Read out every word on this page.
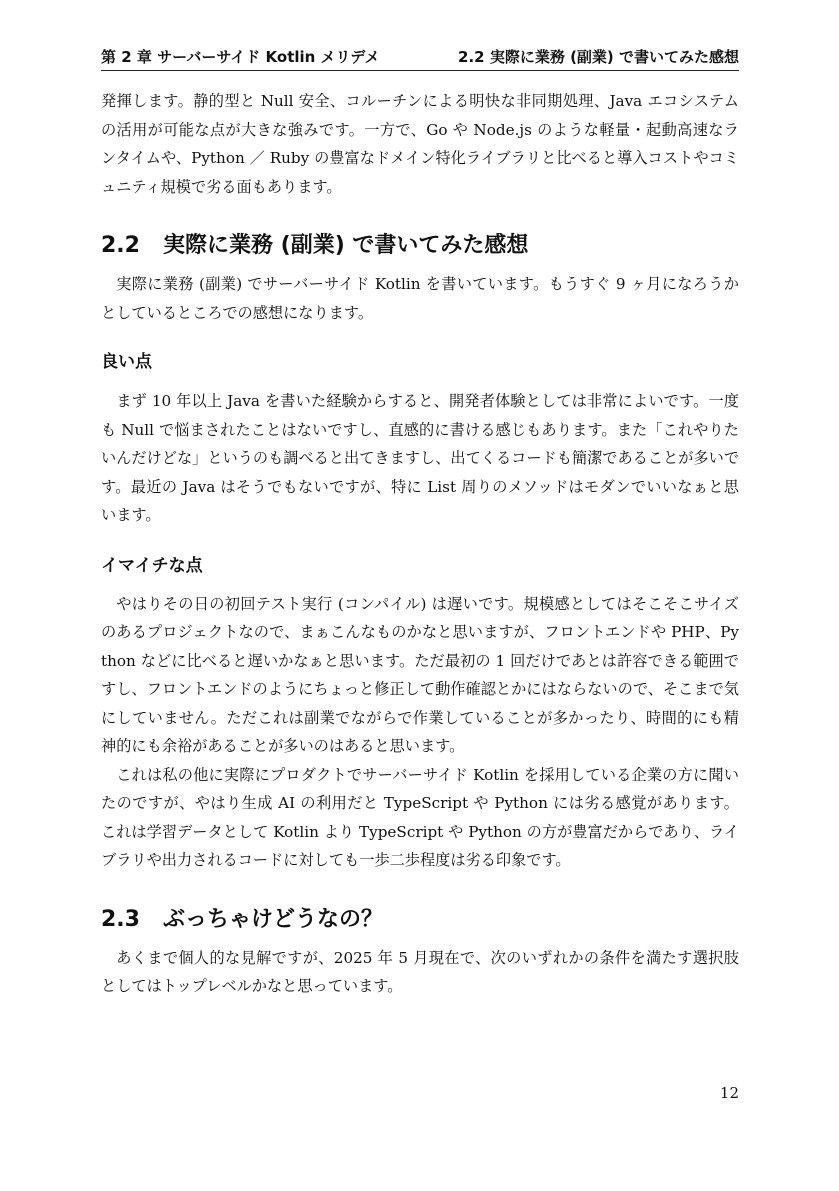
第 2 章 サーバーサイド Kotlin メリデメ	2.2 実際に業務 (副業) で書いてみた感想

発揮します。静的型と Null 安全、コルーチンによる明快な非同期処理、Java エコシステムの活用が可能な点が大きな強みです。一方で、Go や Node.js のような軽量・起動高速なランタイムや、Python ／ Ruby の豊富なドメイン特化ライブラリと比べると導入コストやコミュニティ規模で劣る面もあります。

2.2 実際に業務 (副業) で書いてみた感想

実際に業務 (副業) でサーバーサイド Kotlin を書いています。もうすぐ 9 ヶ月になろうかとしているところでの感想になります。

良い点

まず 10 年以上 Java を書いた経験からすると、開発者体験としては非常によいです。一度も Null で悩まされたことはないですし、直感的に書ける感じもあります。また「これやりたいんだけどな」というのも調べると出てきますし、出てくるコードも簡潔であることが多いです。最近の Java はそうでもないですが、特に List 周りのメソッドはモダンでいいなぁと思います。

イマイチな点

やはりその日の初回テスト実行 (コンパイル) は遅いです。規模感としてはそこそこサイズのあるプロジェクトなので、まぁこんなものかなと思いますが、フロントエンドや PHP、Python などに比べると遅いかなぁと思います。ただ最初の 1 回だけであとは許容できる範囲ですし、フロントエンドのようにちょっと修正して動作確認とかにはならないので、そこまで気にしていません。ただこれは副業でながらで作業していることが多かったり、時間的にも精神的にも余裕があることが多いのはあると思います。

これは私の他に実際にプロダクトでサーバーサイド Kotlin を採用している企業の方に聞いたのですが、やはり生成 AI の利用だと TypeScript や Python には劣る感覚があります。これは学習データとして Kotlin より TypeScript や Python の方が豊富だからであり、ライブラリや出力されるコードに対しても一歩二歩程度は劣る印象です。

2.3 ぶっちゃけどうなの？

あくまで個人的な見解ですが、2025 年 5 月現在で、次のいずれかの条件を満たす選択肢としてはトップレベルかなと思っています。

12
